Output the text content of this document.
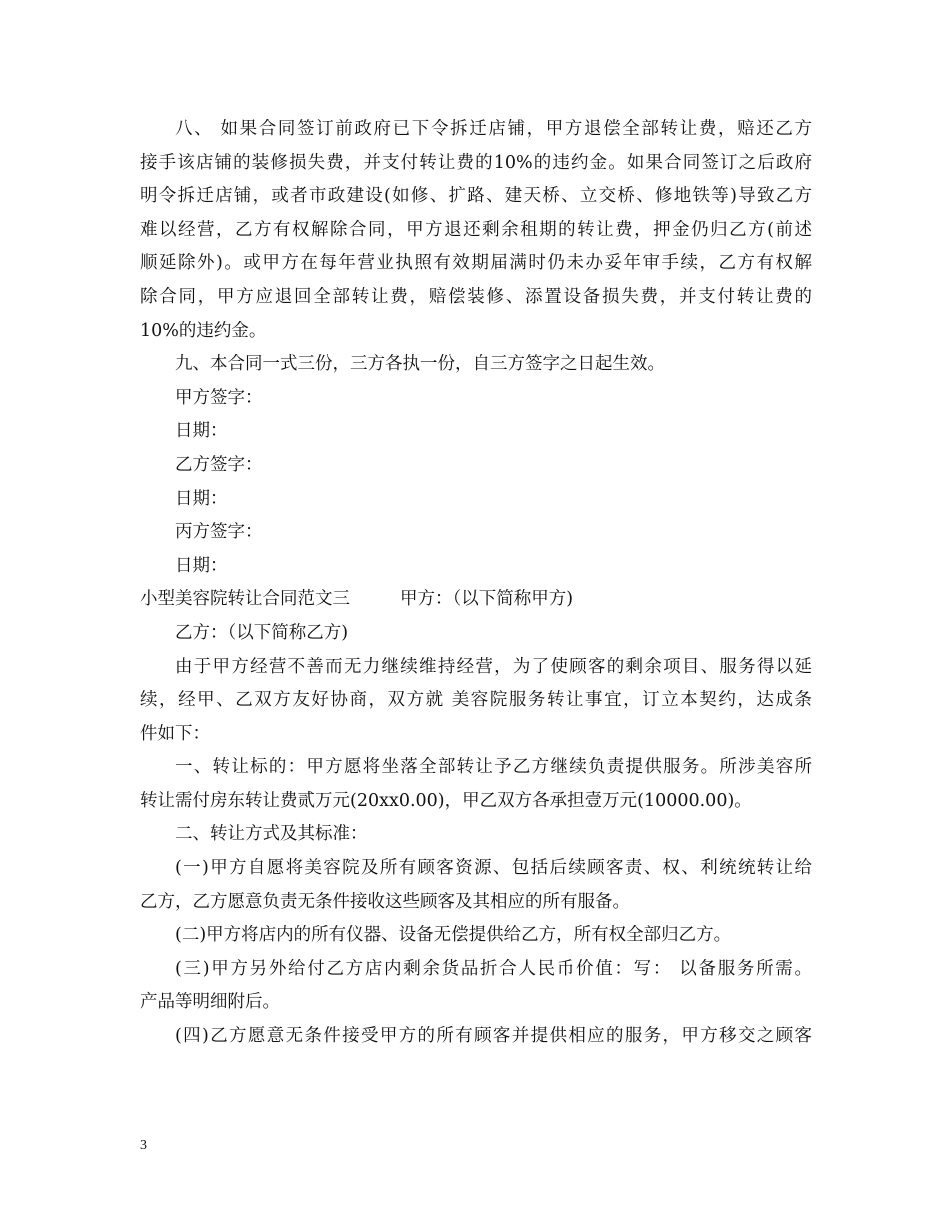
八、 如果合同签订前政府已下令拆迁店铺，甲方退偿全部转让费，赔还乙方
接手该店铺的装修损失费，并支付转让费的10%的违约金。如果合同签订之后政府
明令拆迁店铺，或者市政建设(如修、扩路、建天桥、立交桥、修地铁等)导致乙方
难以经营，乙方有权解除合同，甲方退还剩余租期的转让费，押金仍归乙方(前述
顺延除外)。或甲方在每年营业执照有效期届满时仍未办妥年审手续，乙方有权解
除合同，甲方应退回全部转让费，赔偿装修、添置设备损失费，并支付转让费的
10%的违约金。
九、本合同一式三份，三方各执一份，自三方签字之日起生效。
甲方签字：
日期：
乙方签字：
日期：
丙方签字：
日期：
小型美容院转让合同范文三	甲方：（以下简称甲方)
乙方：（以下简称乙方)
由于甲方经营不善而无力继续维持经营，为了使顾客的剩余项目、服务得以延
续，经甲、乙双方友好协商，双方就 美容院服务转让事宜，订立本契约，达成条
件如下：
一、转让标的：甲方愿将坐落全部转让予乙方继续负责提供服务。所涉美容所
转让需付房东转让费贰万元(20xx0.00)，甲乙双方各承担壹万元(10000.00)。
二、转让方式及其标准：
(一)甲方自愿将美容院及所有顾客资源、包括后续顾客责、权、利统统转让给
乙方，乙方愿意负责无条件接收这些顾客及其相应的所有服备。
(二)甲方将店内的所有仪器、设备无偿提供给乙方，所有权全部归乙方。
(三)甲方另外给付乙方店内剩余货品折合人民币价值：写： 以备服务所需。
产品等明细附后。
(四)乙方愿意无条件接受甲方的所有顾客并提供相应的服务，甲方移交之顾客
3
